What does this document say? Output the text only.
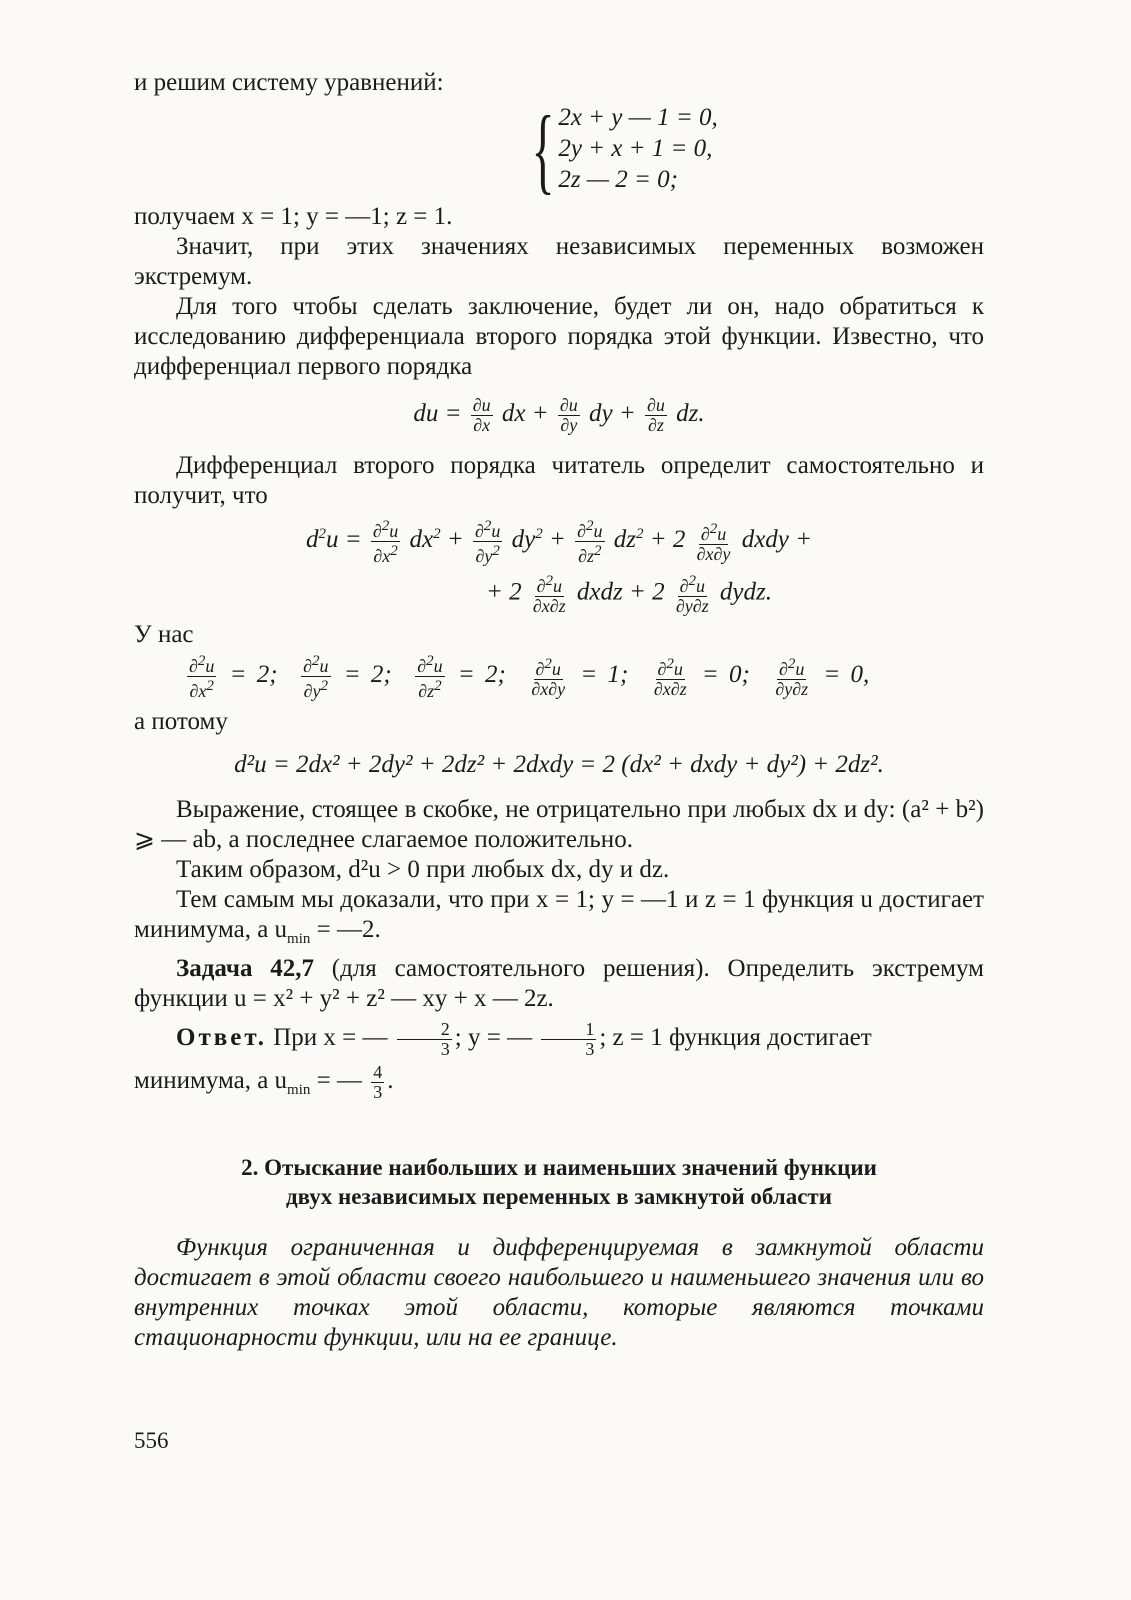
и решим систему уравнений:

{ 2x + y — 1 = 0,
2y + x + 1 = 0,
2z — 2 = 0;

получаем x = 1; y = —1; z = 1.

Значит, при этих значениях независимых переменных возможен экстремум.

Для того чтобы сделать заключение, будет ли он, надо обратиться к исследованию дифференциала второго порядка этой функции. Известно, что дифференциал первого порядка

du = $\frac{\partial u}{\partial x}$ dx + $\frac{\partial u}{\partial y}$ dy + $\frac{\partial u}{\partial z}$ dz.

Дифференциал второго порядка читатель определит самостоятельно и получит, что

$d^2u = \frac{\partial^2u}{\partial x^2} dx^2 + \frac{\partial^2u}{\partial y^2} dy^2 + \frac{\partial^2u}{\partial z^2} dz^2 + 2 \frac{\partial^2u}{\partial x\partial y}$ dxdy +
+ $2 \frac{\partial^2u}{\partial x\partial z}$ dxdz + $2 \frac{\partial^2u}{\partial y\partial z}$ dydz.

У нас

$\frac{\partial^2u}{\partial x^2} = 2$; $\frac{\partial^2u}{\partial y^2} = 2$; $\frac{\partial^2u}{\partial z^2} = 2$; $\frac{\partial^2u}{\partial x\partial y} = 1$; $\frac{\partial^2u}{\partial x\partial z} = 0$; $\frac{\partial^2u}{\partial y\partial z} = 0$,

а потому

d²u = 2dx² + 2dy² + 2dz² + 2dxdy = 2 (dx² + dxdy + dy²) + 2dz².

Выражение, стоящее в скобке, не отрицательно при любых dx и dy: (a² + b²) ⩾ — ab, а последнее слагаемое положительно.

Таким образом, d²u > 0 при любых dx, dy и dz.

Тем самым мы доказали, что при x = 1; y = —1 и z = 1 функция u достигает минимума, а $u_{min}$ = —2.

Задача 42,7 (для самостоятельного решения). Определить экстремум функции u = x² + y² + z² — xy + x — 2z.

Ответ. При x = — $\frac{2}{3}$ ; y = — $\frac{1}{3}$ ; z = 1 функция достигает

минимума, а $u_{min}$ = — $\frac{4}{3}$ .

2. Отыскание наибольших и наименьших значений функции
двух независимых переменных в замкнутой области

Функция ограниченная и дифференцируемая в замкнутой области достигает в этой области своего наибольшего и наименьшего значения или во внутренних точках этой области, которые являются точками стационарности функции, или на ее границе.

556
